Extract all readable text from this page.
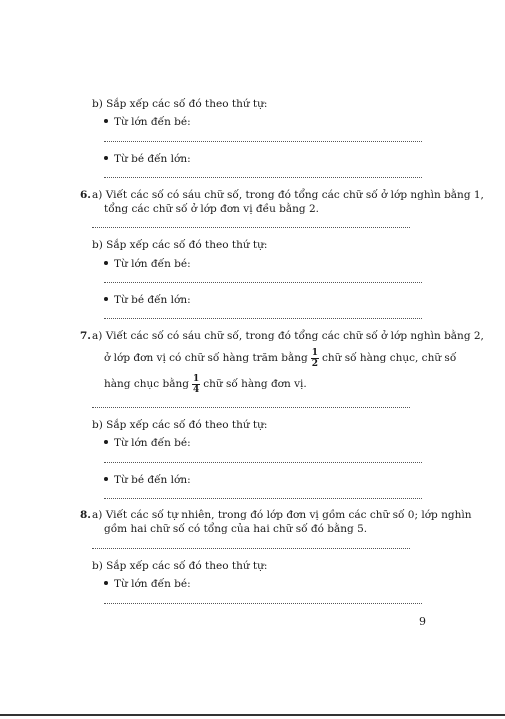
b) Sắp xếp các số đó theo thứ tự:
Từ lớn đến bé:
Từ bé đến lớn:
6. a) Viết các số có sáu chữ số, trong đó tổng các chữ số ở lớp nghìn bằng 1,
tổng các chữ số ở lớp đơn vị đều bằng 2.
b) Sắp xếp các số đó theo thứ tự:
Từ lớn đến bé:
Từ bé đến lớn:
7. a) Viết các số có sáu chữ số, trong đó tổng các chữ số ở lớp nghìn bằng 2,
ở lớp đơn vị có chữ số hàng trăm bằng $\frac{1}{2}$ chữ số hàng chục, chữ số
hàng chục bằng $\frac{1}{4}$ chữ số hàng đơn vị.
b) Sắp xếp các số đó theo thứ tự:
Từ lớn đến bé:
Từ bé đến lớn:
8. a) Viết các số tự nhiên, trong đó lớp đơn vị gồm các chữ số 0; lớp nghìn
gồm hai chữ số có tổng của hai chữ số đó bằng 5.
b) Sắp xếp các số đó theo thứ tự:
Từ lớn đến bé:
9
